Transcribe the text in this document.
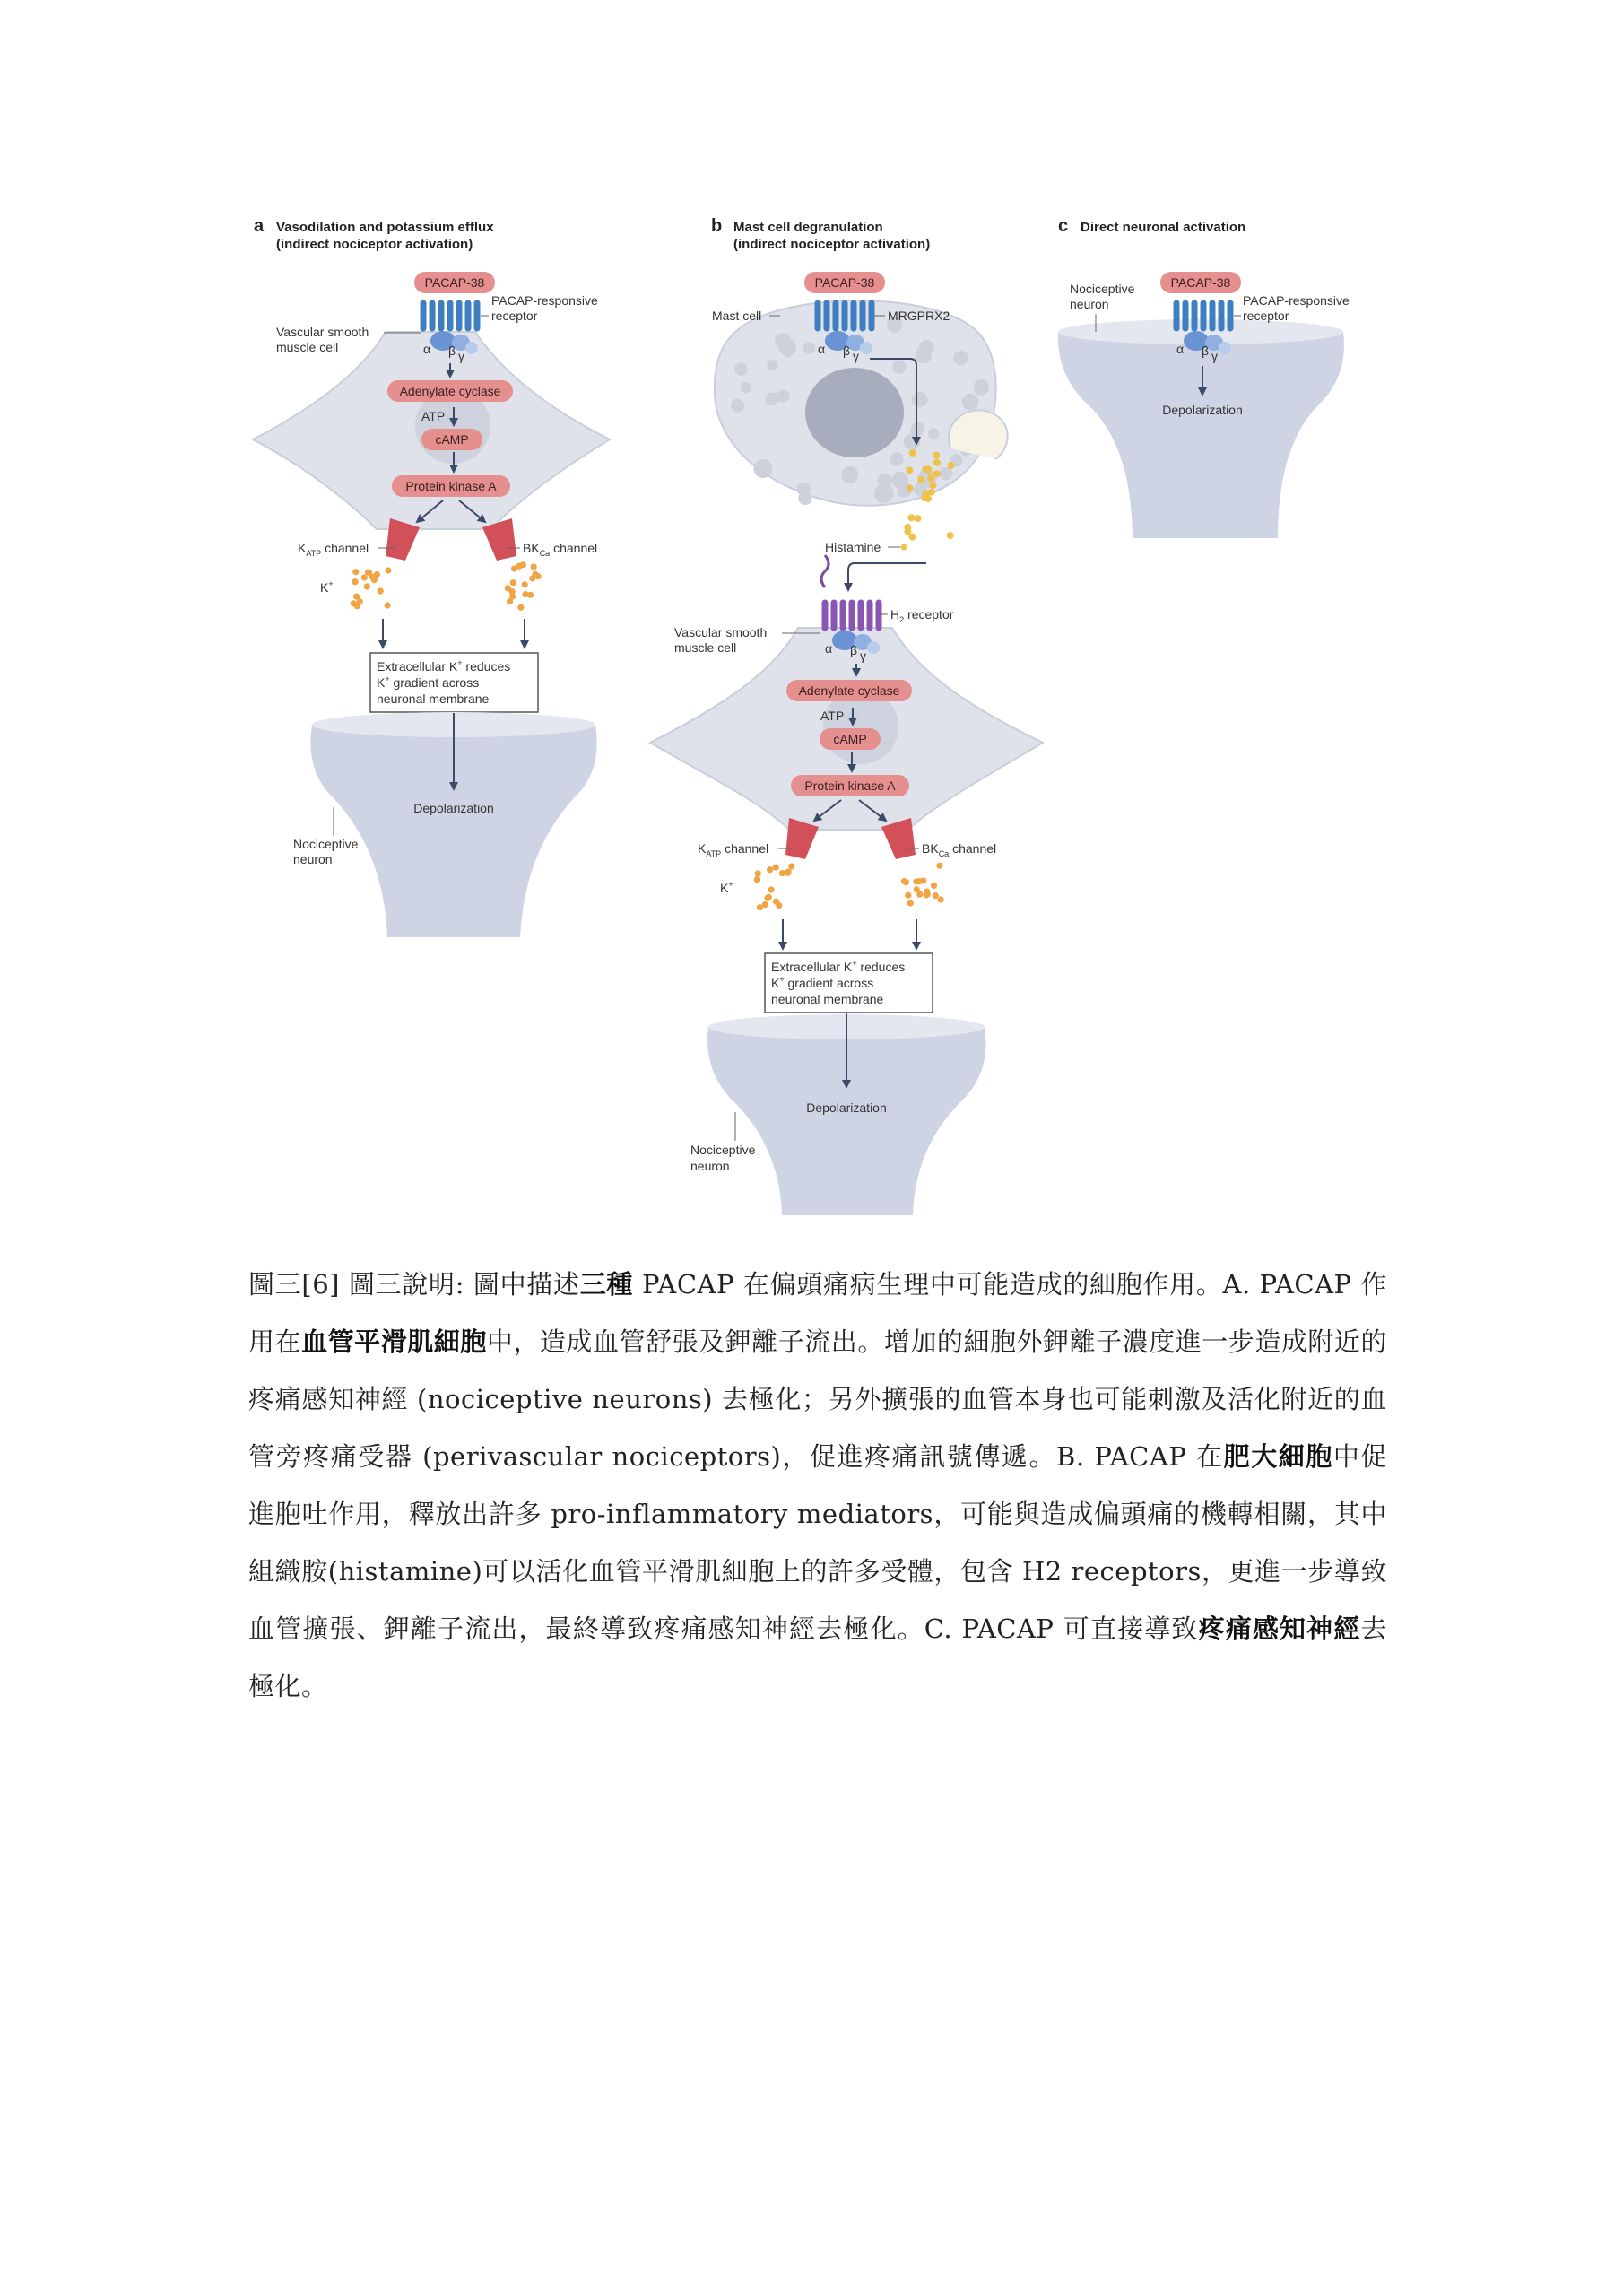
a Vasodilation and potassium efflux
(indirect nociceptor activation)
PACAP-38
α β γ
PACAP-responsive
receptor
Vascular smooth
muscle cell
Adenylate cyclase
ATP
cAMP
Protein kinase A
$K_{ATP}$ channel	$BK_{Ca}$ channel
K+
Extracellular K+ reduces
K+ gradient across
neuronal membrane
Depolarization
Nociceptive
neuron
b Mast cell degranulation
(indirect nociceptor activation)
PACAP-38
α β γ
Mast cell	MRGPRX2
Histamine
α β γ
$H_2$ receptor
Vascular smooth
muscle cell
Adenylate cyclase
ATP
cAMP
Protein kinase A
$K_{ATP}$ channel	$BK_{Ca}$ channel
K+
Extracellular K+ reduces
K+ gradient across
neuronal membrane
Depolarization
Nociceptive
neuron
c Direct neuronal activation
PACAP-38
α β γ
Nociceptive
neuron	PACAP-responsive
receptor
Depolarization
圖三[6] 圖三說明: 圖中描述三種 PACAP 在偏頭痛病生理中可能造成的細胞作用。A. PACAP 作用在血管平滑肌細胞中，造成血管舒張及鉀離子流出。增加的細胞外鉀離子濃度進一步造成附近的疼痛感知神經 (nociceptive neurons) 去極化；另外擴張的血管本身也可能刺激及活化附近的血管旁疼痛受器 (perivascular nociceptors)，促進疼痛訊號傳遞。B. PACAP 在肥大細胞中促進胞吐作用，釋放出許多 pro-inflammatory mediators，可能與造成偏頭痛的機轉相關，其中組織胺(histamine)可以活化血管平滑肌細胞上的許多受體，包含 H2 receptors，更進一步導致血管擴張、鉀離子流出，最終導致疼痛感知神經去極化。C. PACAP 可直接導致疼痛感知神經去極化。
